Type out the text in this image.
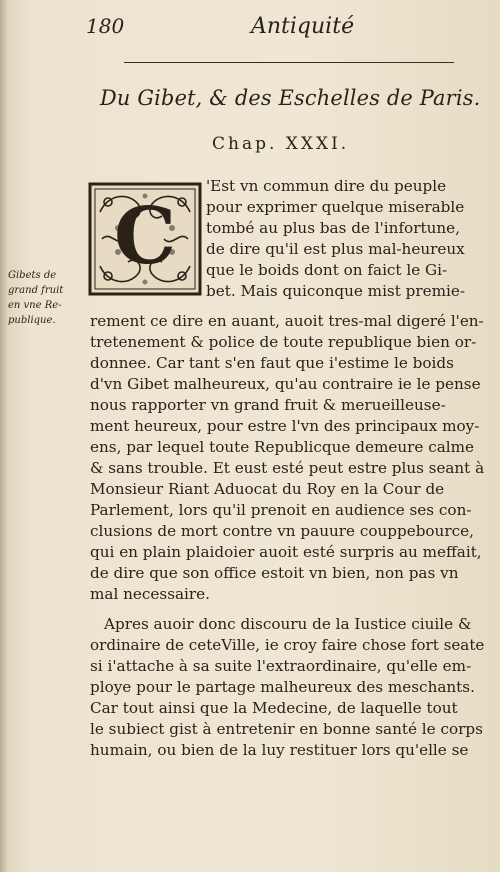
180	Antiquité
Du Gibet, & des Eschelles de Paris.
Chap. XXXI.
C
Gibets de
grand fruit
en vne Re-
publique.
'Est vn commun dire du peuple
pour exprimer quelque miserable
tombé au plus bas de l'infortune,
de dire qu'il est plus mal-heureux
que le boids dont on faict le Gi-
bet. Mais quiconque mist premie-
rement ce dire en auant, auoit tres-mal digeré l'en-
tretenement & police de toute republique bien or-
donnee. Car tant s'en faut que i'estime le boids
d'vn Gibet malheureux, qu'au contraire ie le pense
nous rapporter vn grand fruit & merueilleuse-
ment heureux, pour estre l'vn des principaux moy-
ens, par lequel toute Republicque demeure calme
& sans trouble. Et eust esté peut estre plus seant à
Monsieur Riant Aduocat du Roy en la Cour de
Parlement, lors qu'il prenoit en audience ses con-
clusions de mort contre vn pauure couppebource,
qui en plain plaidoier auoit esté surpris au meffait,
de dire que son office estoit vn bien, non pas vn
mal necessaire.
Apres auoir donc discouru de la Iustice ciuile &
ordinaire de ceteVille, ie croy faire chose fort seate
si i'attache à sa suite l'extraordinaire, qu'elle em-
ploye pour le partage malheureux des meschants.
Car tout ainsi que la Medecine, de laquelle tout
le subiect gist à entretenir en bonne santé le corps
humain, ou bien de la luy restituer lors qu'elle se
